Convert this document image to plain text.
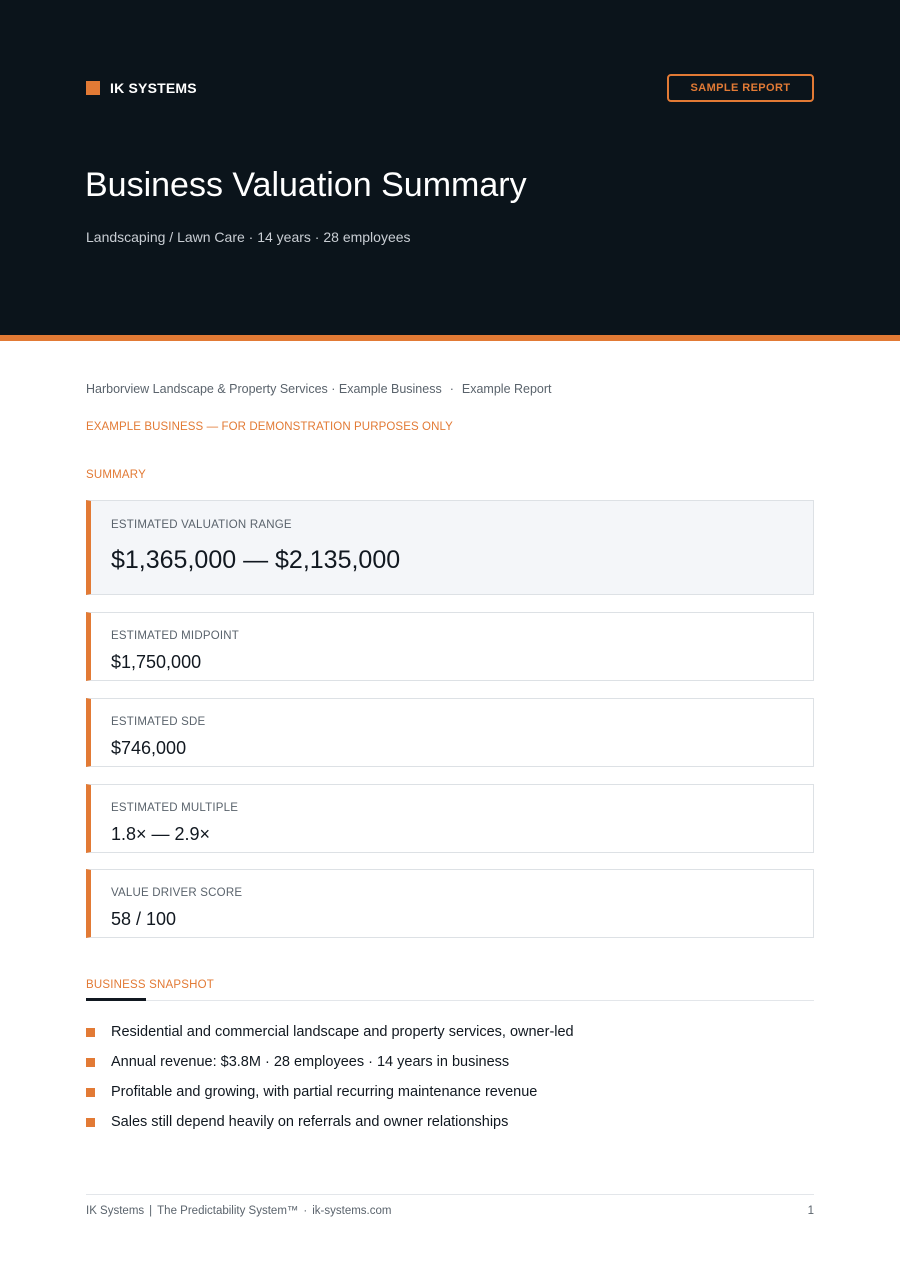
IK SYSTEMS	SAMPLE REPORT
Business Valuation Summary
Landscaping / Lawn Care · 14 years · 28 employees
Harborview Landscape & Property Services · Example Business · Example Report
EXAMPLE BUSINESS — FOR DEMONSTRATION PURPOSES ONLY
SUMMARY
ESTIMATED VALUATION RANGE
$1,365,000 — $2,135,000
ESTIMATED MIDPOINT
$1,750,000
ESTIMATED SDE
$746,000
ESTIMATED MULTIPLE
1.8× — 2.9×
VALUE DRIVER SCORE
58 / 100
BUSINESS SNAPSHOT
Residential and commercial landscape and property services, owner-led
Annual revenue: $3.8M · 28 employees · 14 years in business
Profitable and growing, with partial recurring maintenance revenue
Sales still depend heavily on referrals and owner relationships
IK Systems | The Predictability System™ · ik-systems.com	1
